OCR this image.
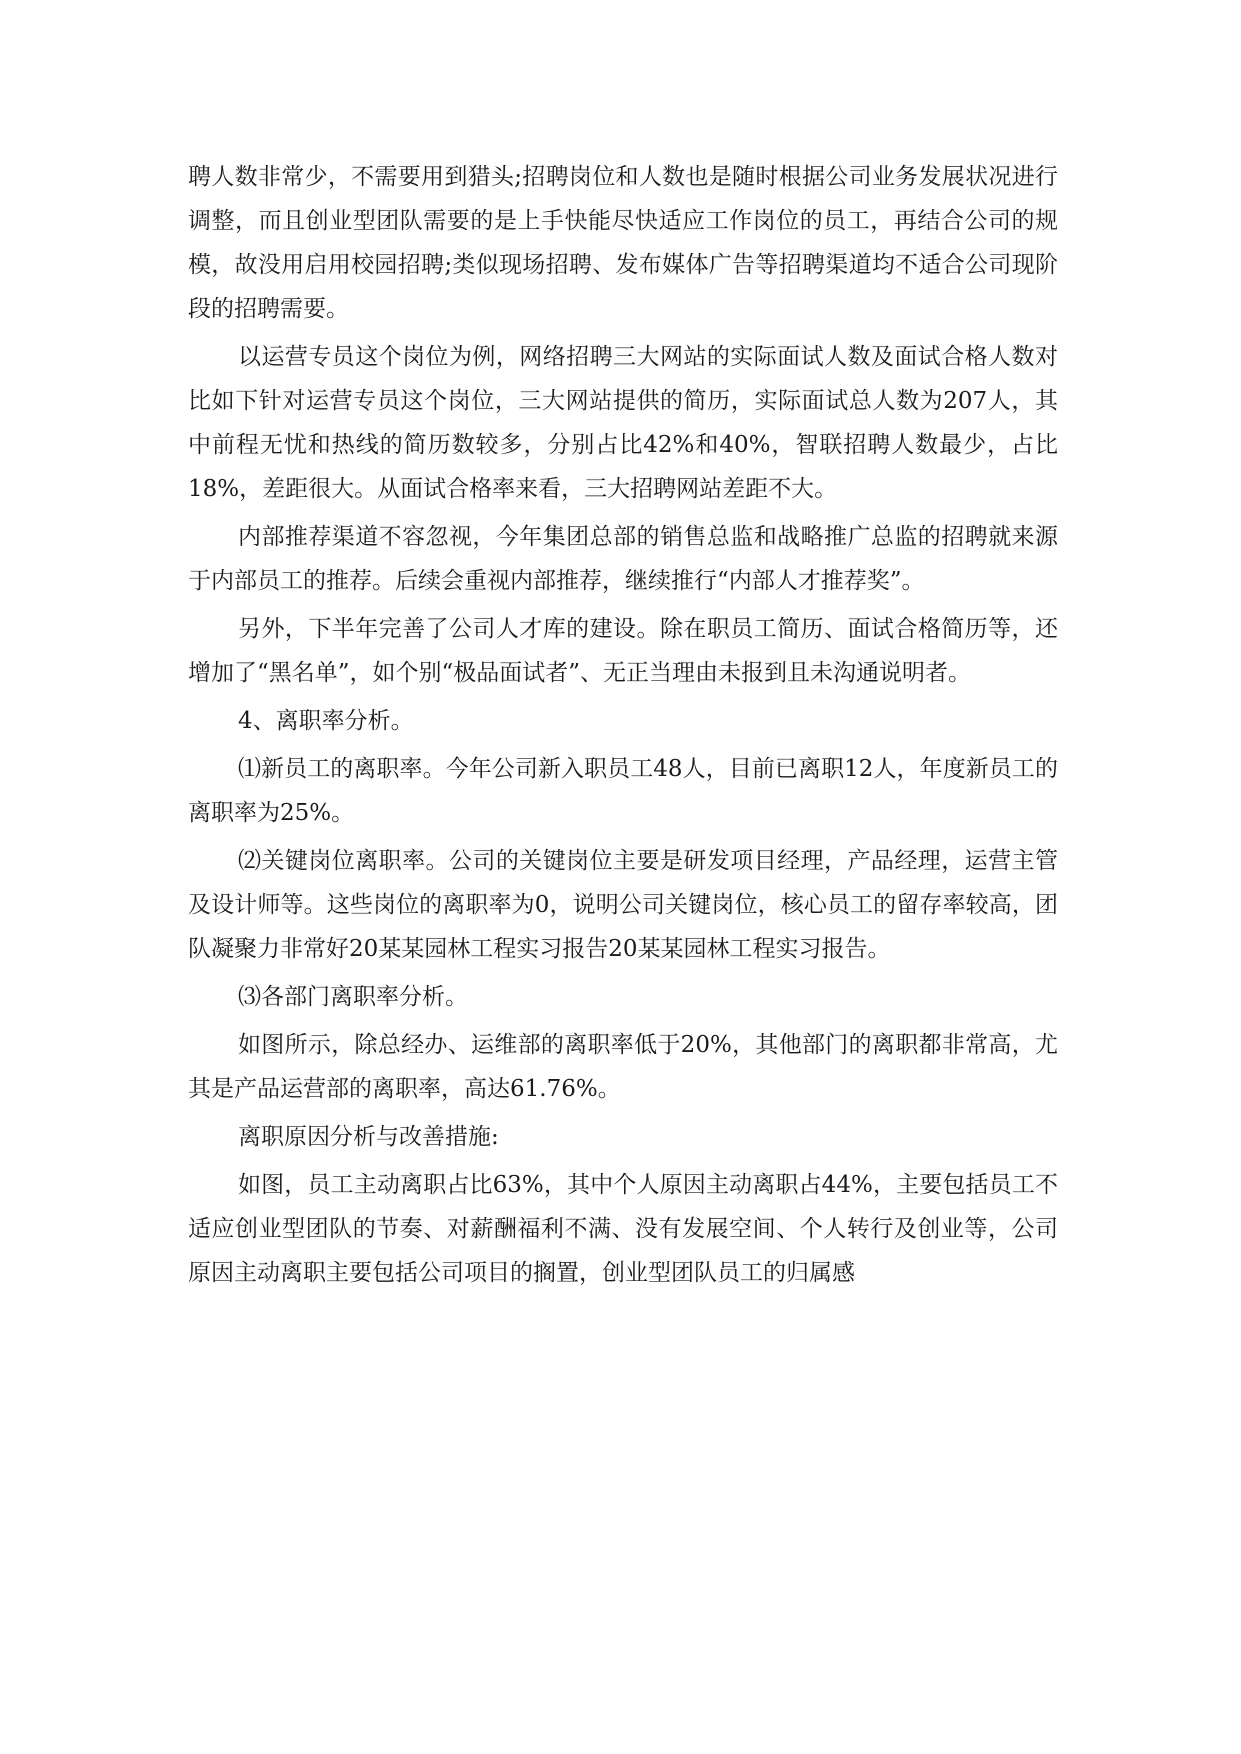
聘人数非常少，不需要用到猎头;招聘岗位和人数也是随时根据公司业务发展状况进行调整，而且创业型团队需要的是上手快能尽快适应工作岗位的员工，再结合公司的规模，故没用启用校园招聘;类似现场招聘、发布媒体广告等招聘渠道均不适合公司现阶段的招聘需要。

以运营专员这个岗位为例，网络招聘三大网站的实际面试人数及面试合格人数对比如下针对运营专员这个岗位，三大网站提供的简历，实际面试总人数为207人，其中前程无忧和热线的简历数较多，分别占比42%和40%，智联招聘人数最少，占比18%，差距很大。从面试合格率来看，三大招聘网站差距不大。

内部推荐渠道不容忽视，今年集团总部的销售总监和战略推广总监的招聘就来源于内部员工的推荐。后续会重视内部推荐，继续推行“内部人才推荐奖”。

另外，下半年完善了公司人才库的建设。除在职员工简历、面试合格简历等，还增加了“黑名单”，如个别“极品面试者”、无正当理由未报到且未沟通说明者。

4、离职率分析。

⑴新员工的离职率。今年公司新入职员工48人，目前已离职12人，年度新员工的离职率为25%。

⑵关键岗位离职率。公司的关键岗位主要是研发项目经理，产品经理，运营主管及设计师等。这些岗位的离职率为0，说明公司关键岗位，核心员工的留存率较高，团队凝聚力非常好20某某园林工程实习报告20某某园林工程实习报告。

⑶各部门离职率分析。

如图所示，除总经办、运维部的离职率低于20%，其他部门的离职都非常高，尤其是产品运营部的离职率，高达61.76%。

离职原因分析与改善措施:

如图，员工主动离职占比63%，其中个人原因主动离职占44%，主要包括员工不适应创业型团队的节奏、对薪酬福利不满、没有发展空间、个人转行及创业等，公司原因主动离职主要包括公司项目的搁置，创业型团队员工的归属感
